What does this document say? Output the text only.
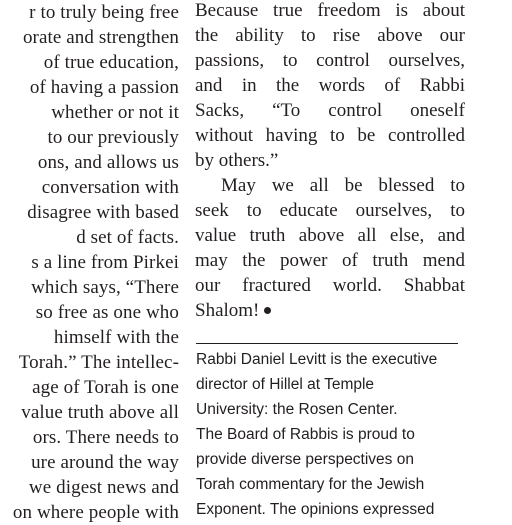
r to truly being free
orate and strengthen
of true education,
of having a passion
whether or not it
to our previously
ons, and allows us
conversation with
disagree with based
d set of facts.
s a line from Pirkei
which says, “There
so free as one who
himself with the
Torah.” The intellec-
age of Torah is one
value truth above all
ors. There needs to
ure around the way
we digest news and
on where people with
Because true freedom is about
the ability to rise above our
passions, to control ourselves,
and in the words of Rabbi
Sacks, “To control oneself
without having to be controlled
by others.”
May we all be blessed to
seek to educate ourselves, to
value truth above all else, and
may the power of truth mend
our fractured world. Shabbat
Shalom!
Rabbi Daniel Levitt is the executive
director of Hillel at Temple
University: the Rosen Center.
The Board of Rabbis is proud to
provide diverse perspectives on
Torah commentary for the Jewish
Exponent. The opinions expressed
